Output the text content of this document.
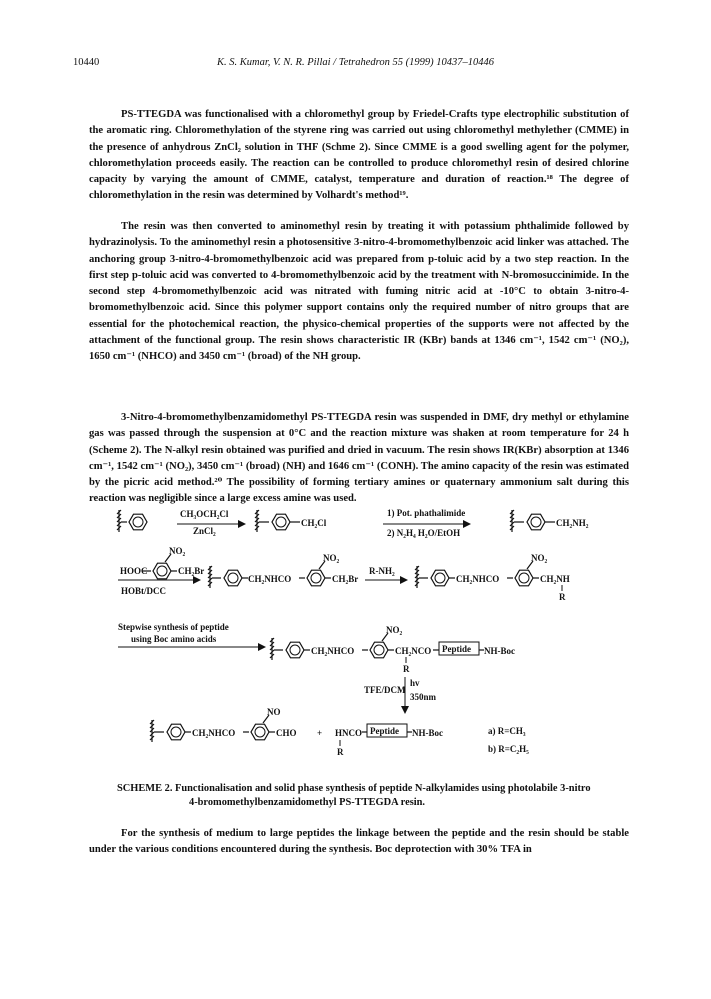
10440	K. S. Kumar, V. N. R. Pillai / Tetrahedron 55 (1999) 10437–10446

PS-TTEGDA was functionalised with a chloromethyl group by Friedel-Crafts type electrophilic substitution of the aromatic ring. Chloromethylation of the styrene ring was carried out using chloromethyl methylether (CMME) in the presence of anhydrous ZnCl₂ solution in THF (Schme 2). Since CMME is a good swelling agent for the polymer, chloromethylation proceeds easily. The reaction can be controlled to produce chloromethyl resin of desired chlorine capacity by varying the amount of CMME, catalyst, temperature and duration of reaction.¹⁸ The degree of chloromethylation in the resin was determined by Volhardt's method¹⁹.

The resin was then converted to aminomethyl resin by treating it with potassium phthalimide followed by hydrazinolysis. To the aminomethyl resin a photosensitive 3-nitro-4-bromomethylbenzoic acid linker was attached. The anchoring group 3-nitro-4-bromomethylbenzoic acid was prepared from p-toluic acid by a two step reaction. In the first step p-toluic acid was converted to 4-bromomethylbenzoic acid by the treatment with N-bromosuccinimide. In the second step 4-bromomethylbenzoic acid was nitrated with fuming nitric acid at -10°C to obtain 3-nitro-4-bromomethylbenzoic acid. Since this polymer support contains only the required number of nitro groups that are essential for the photochemical reaction, the physico-chemical properties of the supports were not affected by the attachment of the functional group. The resin shows characteristic IR (KBr) bands at 1346 cm⁻¹, 1542 cm⁻¹ (NO₂), 1650 cm⁻¹ (NHCO) and 3450 cm⁻¹ (broad) of the NH group.

3-Nitro-4-bromomethylbenzamidomethyl PS-TTEGDA resin was suspended in DMF, dry methyl or ethylamine gas was passed through the suspension at 0°C and the reaction mixture was shaken at room temperature for 24 h (Scheme 2). The N-alkyl resin obtained was purified and dried in vacuum. The resin shows IR(KBr) absorption at 1346 cm⁻¹, 1542 cm⁻¹ (NO₂), 3450 cm⁻¹ (broad) (NH) and 1646 cm⁻¹ (CONH). The amino capacity of the resin was estimated by the picric acid method.²⁰ The possibility of forming tertiary amines or quaternary ammonium salt during this reaction was negligible since a large excess amine was used.

CH₃OCH₂Cl
ZnCl₂
CH₂Cl
1) Pot. phathalimide
2) N₂H₄ H₂O/EtOH
CH₂NH₂
HOOC
NO₂
CH₂Br
HOBt/DCC
CH₂NHCO
NO₂
CH₂Br
R-NH₂
CH₂NHCO
NO₂
CH₂NH
R
Stepwise synthesis of peptide
using Boc amino acids
CH₂NHCO
NO₂
CH₂NCO
R
Peptide NH-Boc
TFE/DCM
hv
350nm
CH₂NHCO
NO
CHO + HNCO
R
Peptide NH-Boc	a) R=CH₃
b) R=C₂H₅
SCHEME 2. Functionalisation and solid phase synthesis of peptide N-alkylamides using photolabile 3-nitro
4-bromomethylbenzamidomethyl PS-TTEGDA resin.

For the synthesis of medium to large peptides the linkage between the peptide and the resin should be stable under the various conditions encountered during the synthesis. Boc deprotection with 30% TFA in
